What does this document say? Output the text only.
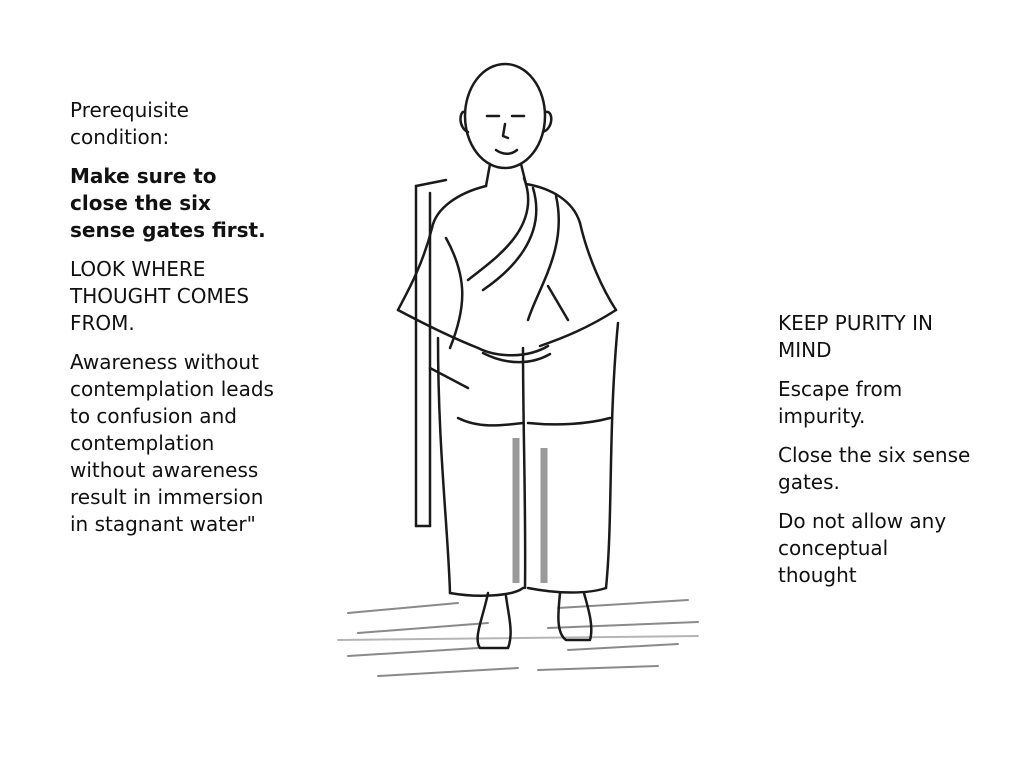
Prerequisite condition:

Make sure to close the six sense gates first.

LOOK WHERE THOUGHT COMES FROM.

Awareness without contemplation leads to confusion and contemplation without awareness result in immersion in stagnant water"

KEEP PURITY IN MIND

Escape from impurity.

Close the six sense gates.

Do not allow any conceptual thought
